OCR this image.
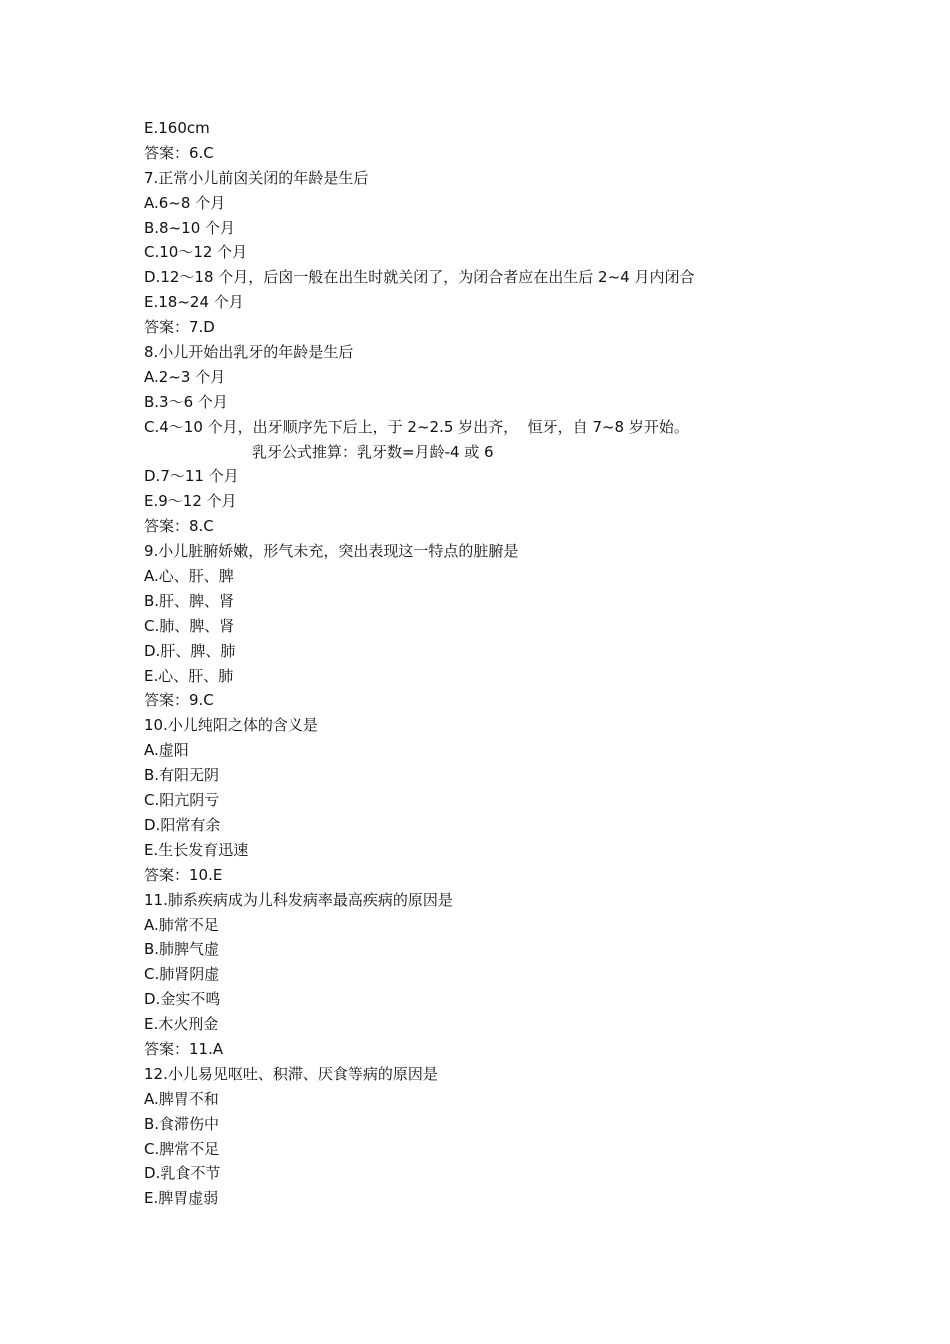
E.160cm
答案：6.C
7.正常小儿前囟关闭的年龄是生后
A.6~8 个月
B.8~10 个月
C.10～12 个月
D.12～18 个月，后囟一般在出生时就关闭了，为闭合者应在出生后 2~4 月内闭合
E.18~24 个月
答案：7.D
8.小儿开始出乳牙的年龄是生后
A.2~3 个月
B.3～6 个月
C.4～10 个月，出牙顺序先下后上，于 2~2.5 岁出齐，  恒牙，自 7~8 岁开始。
乳牙公式推算：乳牙数=月龄-4 或 6
D.7～11 个月
E.9～12 个月
答案：8.C
9.小儿脏腑娇嫩，形气未充，突出表现这一特点的脏腑是
A.心、肝、脾
B.肝、脾、肾
C.肺、脾、肾
D.肝、脾、肺
E.心、肝、肺
答案：9.C
10.小儿纯阳之体的含义是
A.虚阳
B.有阳无阴
C.阳亢阴亏
D.阳常有余
E.生长发育迅速
答案：10.E
11.肺系疾病成为儿科发病率最高疾病的原因是
A.肺常不足
B.肺脾气虚
C.肺肾阴虚
D.金实不鸣
E.木火刑金
答案：11.A
12.小儿易见呕吐、积滞、厌食等病的原因是
A.脾胃不和
B.食滞伤中
C.脾常不足
D.乳食不节
E.脾胃虚弱
